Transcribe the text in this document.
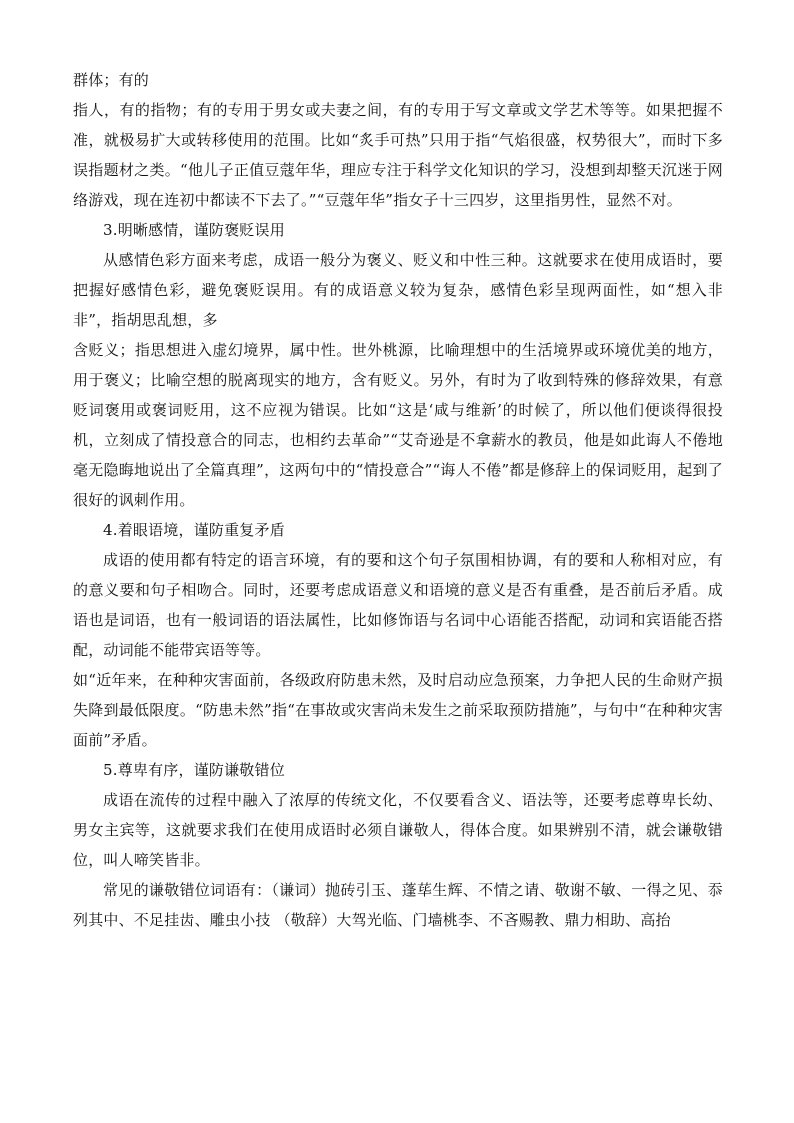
群体；有的

指人，有的指物；有的专用于男女或夫妻之间，有的专用于写文章或文学艺术等等。如果把握不准，就极易扩大或转移使用的范围。比如“炙手可热”只用于指“气焰很盛，权势很大”，而时下多误指题材之类。“他儿子正值豆蔻年华，理应专注于科学文化知识的学习，没想到却整天沉迷于网络游戏，现在连初中都读不下去了。”“豆蔻年华”指女子十三四岁，这里指男性，显然不对。

3.明晰感情，谨防褒贬误用

从感情色彩方面来考虑，成语一般分为褒义、贬义和中性三种。这就要求在使用成语时，要把握好感情色彩，避免褒贬误用。有的成语意义较为复杂，感情色彩呈现两面性，如“想入非非”，指胡思乱想，多

含贬义；指思想进入虚幻境界，属中性。世外桃源，比喻理想中的生活境界或环境优美的地方，用于褒义；比喻空想的脱离现实的地方，含有贬义。另外，有时为了收到特殊的修辞效果，有意贬词褒用或褒词贬用，这不应视为错误。比如“这是‘咸与维新’的时候了，所以他们便谈得很投机，立刻成了情投意合的同志，也相约去革命”“艾奇逊是不拿薪水的教员，他是如此诲人不倦地毫无隐晦地说出了全篇真理”，这两句中的“情投意合”“诲人不倦”都是修辞上的保词贬用，起到了很好的讽刺作用。

4.着眼语境，谨防重复矛盾

成语的使用都有特定的语言环境，有的要和这个句子氛围相协调，有的要和人称相对应，有的意义要和句子相吻合。同时，还要考虑成语意义和语境的意义是否有重叠，是否前后矛盾。成语也是词语，也有一般词语的语法属性，比如修饰语与名词中心语能否搭配，动词和宾语能否搭配，动词能不能带宾语等等。

如“近年来，在种种灾害面前，各级政府防患未然，及时启动应急预案，力争把人民的生命财产损失降到最低限度。“防患未然”指“在事故或灾害尚未发生之前采取预防措施”，与句中“在种种灾害面前”矛盾。

5.尊卑有序，谨防谦敬错位

成语在流传的过程中融入了浓厚的传统文化，不仅要看含义、语法等，还要考虑尊卑长幼、男女主宾等，这就要求我们在使用成语时必须自谦敬人，得体合度。如果辨别不清，就会谦敬错位，叫人啼笑皆非。

常见的谦敬错位词语有：（谦词）抛砖引玉、蓬荜生辉、不情之请、敬谢不敏、一得之见、忝列其中、不足挂齿、雕虫小技 （敬辞）大驾光临、门墙桃李、不吝赐教、鼎力相助、高抬
